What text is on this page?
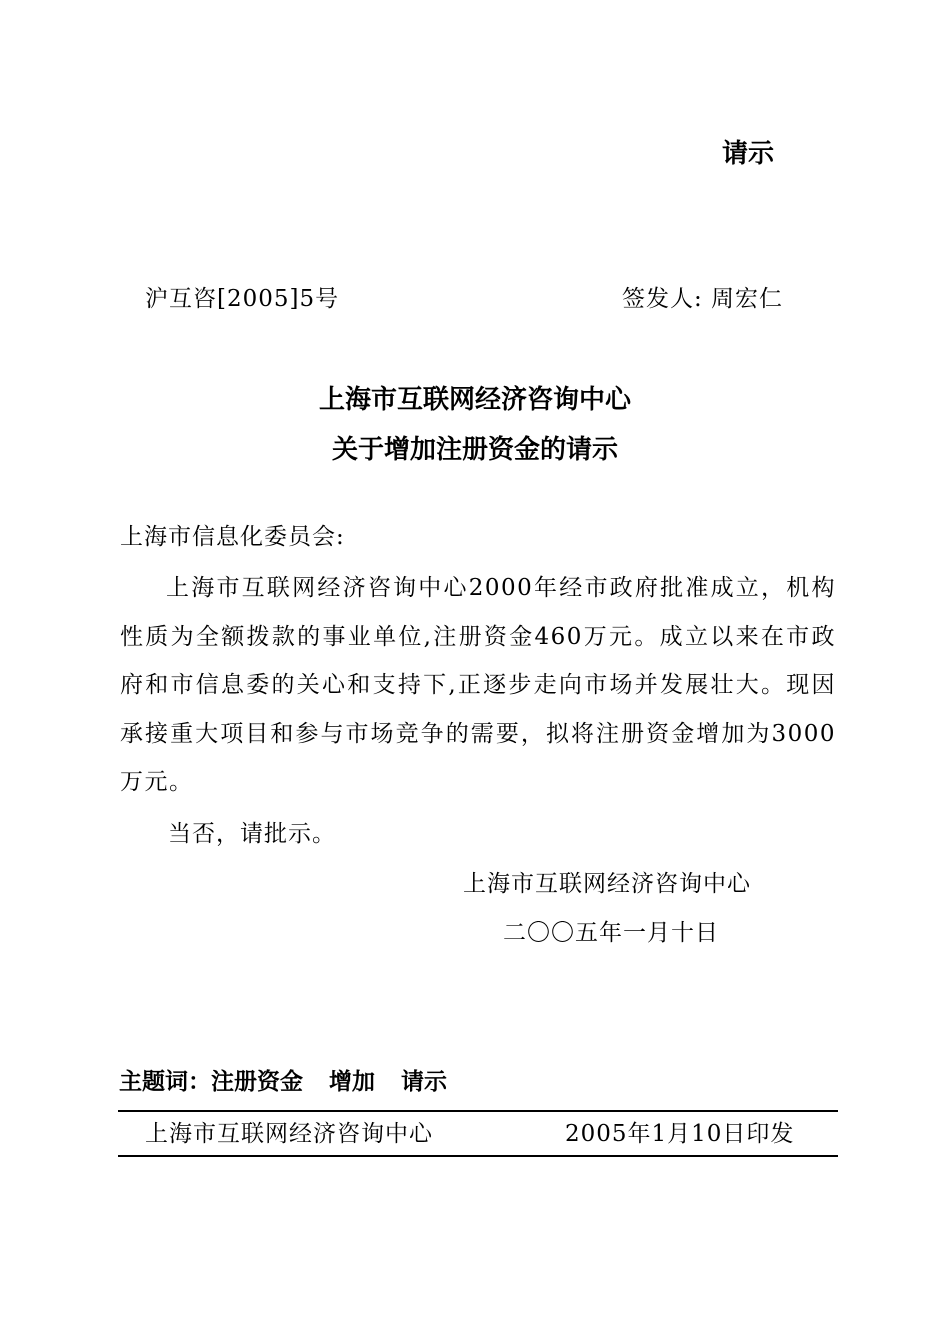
请示
沪互咨[2005]5号	签发人: 周宏仁
上海市互联网经济咨询中心
关于增加注册资金的请示
上海市信息化委员会:

上海市互联网经济咨询中心2000年经市政府批准成立，机构性质为全额拨款的事业单位,注册资金460万元。成立以来在市政府和市信息委的关心和支持下,正逐步走向市场并发展壮大。现因承接重大项目和参与市场竞争的需要，拟将注册资金增加为3000万元。

当否，请批示。
上海市互联网经济咨询中心
二〇〇五年一月十日
主题词：注册资金 增加 请示
上海市互联网经济咨询中心	2005年1月10日印发
